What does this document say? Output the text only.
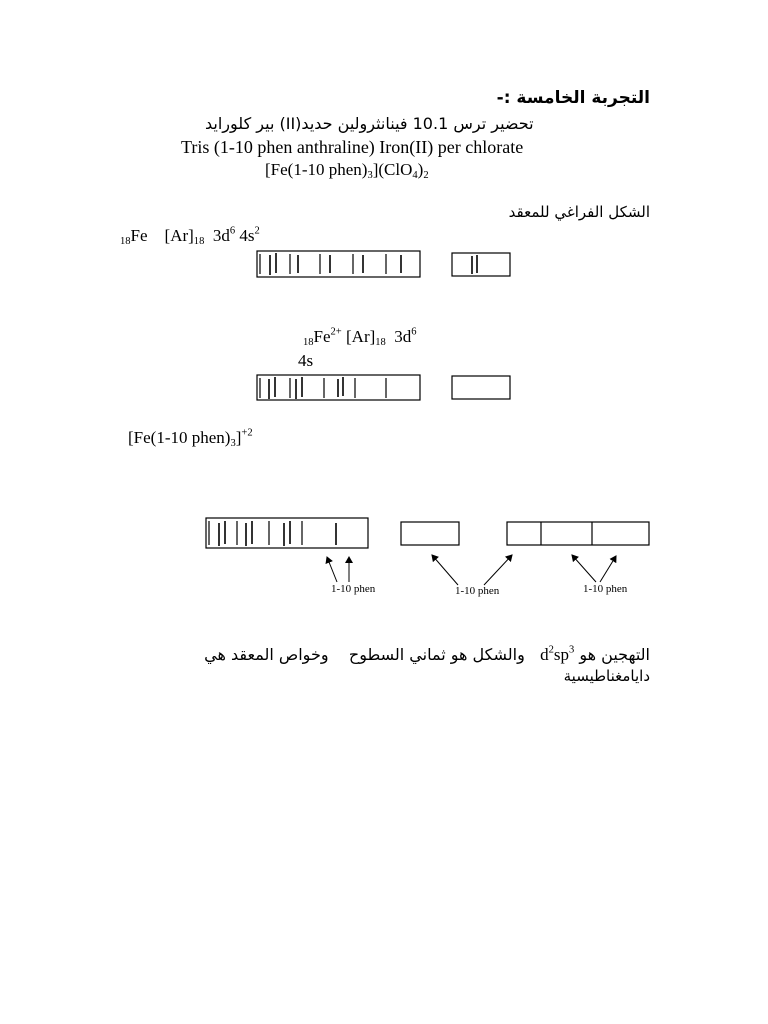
التجربة الخامسة :-
تحضير ترس 10.1 فينانثرولين حديد(II) بير كلورايد
Tris (1-10 phen anthraline) Iron(II) per chlorate
[Fe(1-10 $phen)_3](ClO_4)_2$
الشكل الفراغي للمعقد
$_{18}$Fe $[Ar]_{18}$ $3d^6$ $4s^2$
$_{18}Fe^{2+}$ $[Ar]_{18}$ $3d^6$
4s
[Fe(1-10 $phen)_3]^{+2}$
1-10 phen	1-10 phen	1-10 phen
التهجين هو $d^2sp^3$   والشكل هو ثماني السطوح    وخواص المعقد هي
دايامغناطيسية
